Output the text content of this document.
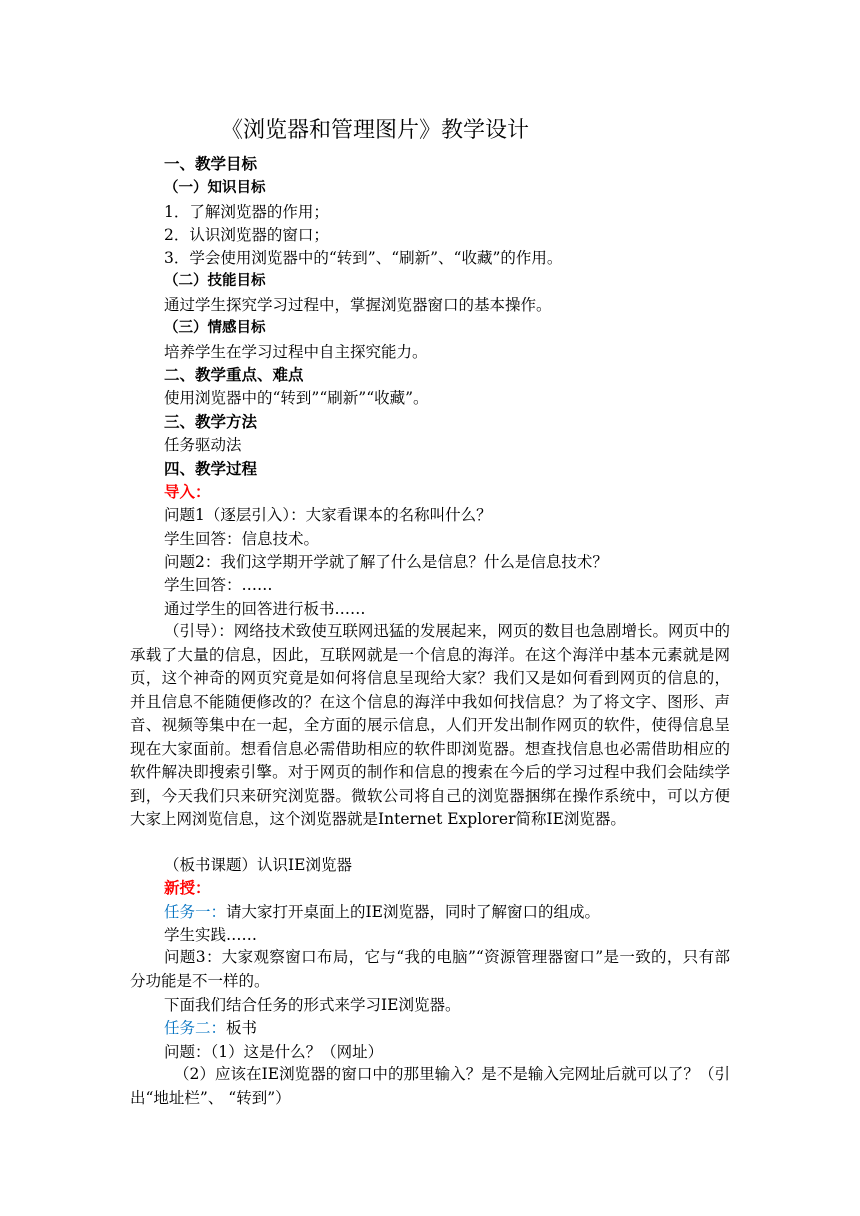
《浏览器和管理图片》教学设计
一、教学目标
（一）知识目标
1．了解浏览器的作用；
2．认识浏览器的窗口；
3．学会使用浏览器中的“转到”、“刷新”、“收藏”的作用。
（二）技能目标
通过学生探究学习过程中，掌握浏览器窗口的基本操作。
（三）情感目标
培养学生在学习过程中自主探究能力。
二、教学重点、难点
使用浏览器中的“转到”“刷新”“收藏”。
三、教学方法
任务驱动法
四、教学过程
导入：
问题1（逐层引入）：大家看课本的名称叫什么？
学生回答：信息技术。
问题2：我们这学期开学就了解了什么是信息？什么是信息技术？
学生回答：……
通过学生的回答进行板书……

（引导）：网络技术致使互联网迅猛的发展起来，网页的数目也急剧增长。网页中的承载了大量的信息，因此，互联网就是一个信息的海洋。在这个海洋中基本元素就是网页，这个神奇的网页究竟是如何将信息呈现给大家？我们又是如何看到网页的信息的，并且信息不能随便修改的？在这个信息的海洋中我如何找信息？为了将文字、图形、声音、视频等集中在一起，全方面的展示信息，人们开发出制作网页的软件，使得信息呈现在大家面前。想看信息必需借助相应的软件即浏览器。想查找信息也必需借助相应的软件解决即搜索引擎。对于网页的制作和信息的搜索在今后的学习过程中我们会陆续学到，今天我们只来研究浏览器。微软公司将自己的浏览器捆绑在操作系统中，可以方便大家上网浏览信息，这个浏览器就是Internet Explorer简称IE浏览器。

（板书课题）认识IE浏览器
新授：
任务一：请大家打开桌面上的IE浏览器，同时了解窗口的组成。
学生实践……

问题3：大家观察窗口布局，它与“我的电脑”“资源管理器窗口”是一致的，只有部分功能是不一样的。

下面我们结合任务的形式来学习IE浏览器。
任务二：板书
问题：（1）这是什么？（网址）

（2）应该在IE浏览器的窗口中的那里输入？是不是输入完网址后就可以了？（引出“地址栏”、 “转到”）
